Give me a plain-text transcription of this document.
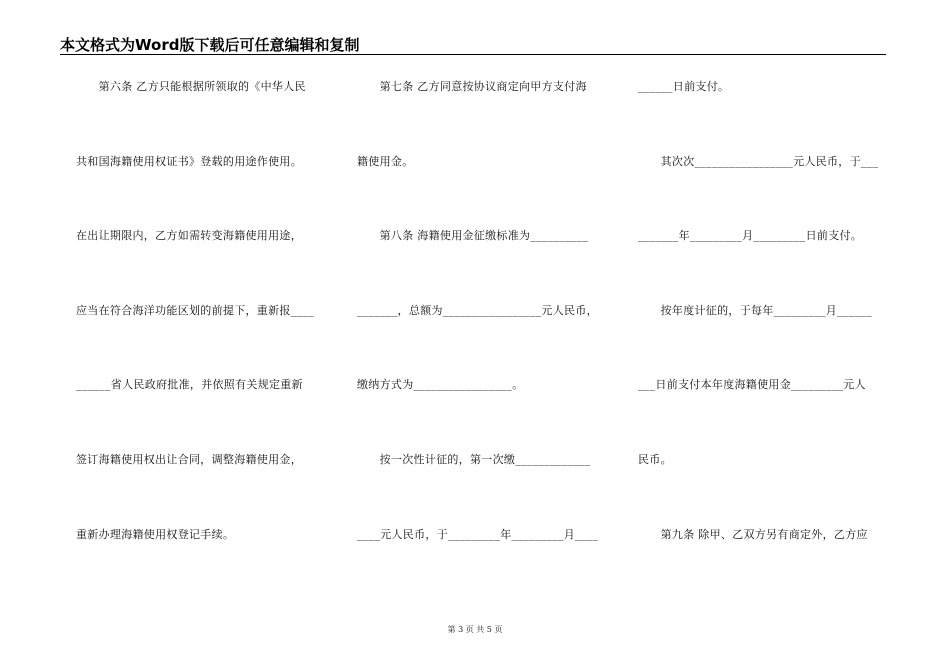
本文格式为Word版下载后可任意编辑和复制
　　第六条 乙方只能根据所领取的《中华人民
共和国海籍使用权证书》登载的用途作使用。
在出让期限内，乙方如需转变海籍使用用途，
应当在符合海洋功能区划的前提下，重新报____
______省人民政府批准，并依照有关规定重新
签订海籍使用权出让合同，调整海籍使用金，
重新办理海籍使用权登记手续。
　　第七条 乙方同意按协议商定向甲方支付海
籍使用金。
　　第八条 海籍使用金征缴标准为__________
_______，总额为_________________元人民币，
缴纳方式为_________________。
　　按一次性计征的，第一次缴_____________
____元人民币，于_________年_________月____
______日前支付。
　　其次次_________________元人民币，于___
_______年_________月_________日前支付。
　　按年度计征的，于每年_________月______
___日前支付本年度海籍使用金_________元人
民币。
　　第九条 除甲、乙双方另有商定外，乙方应
第 3 页 共 5 页
